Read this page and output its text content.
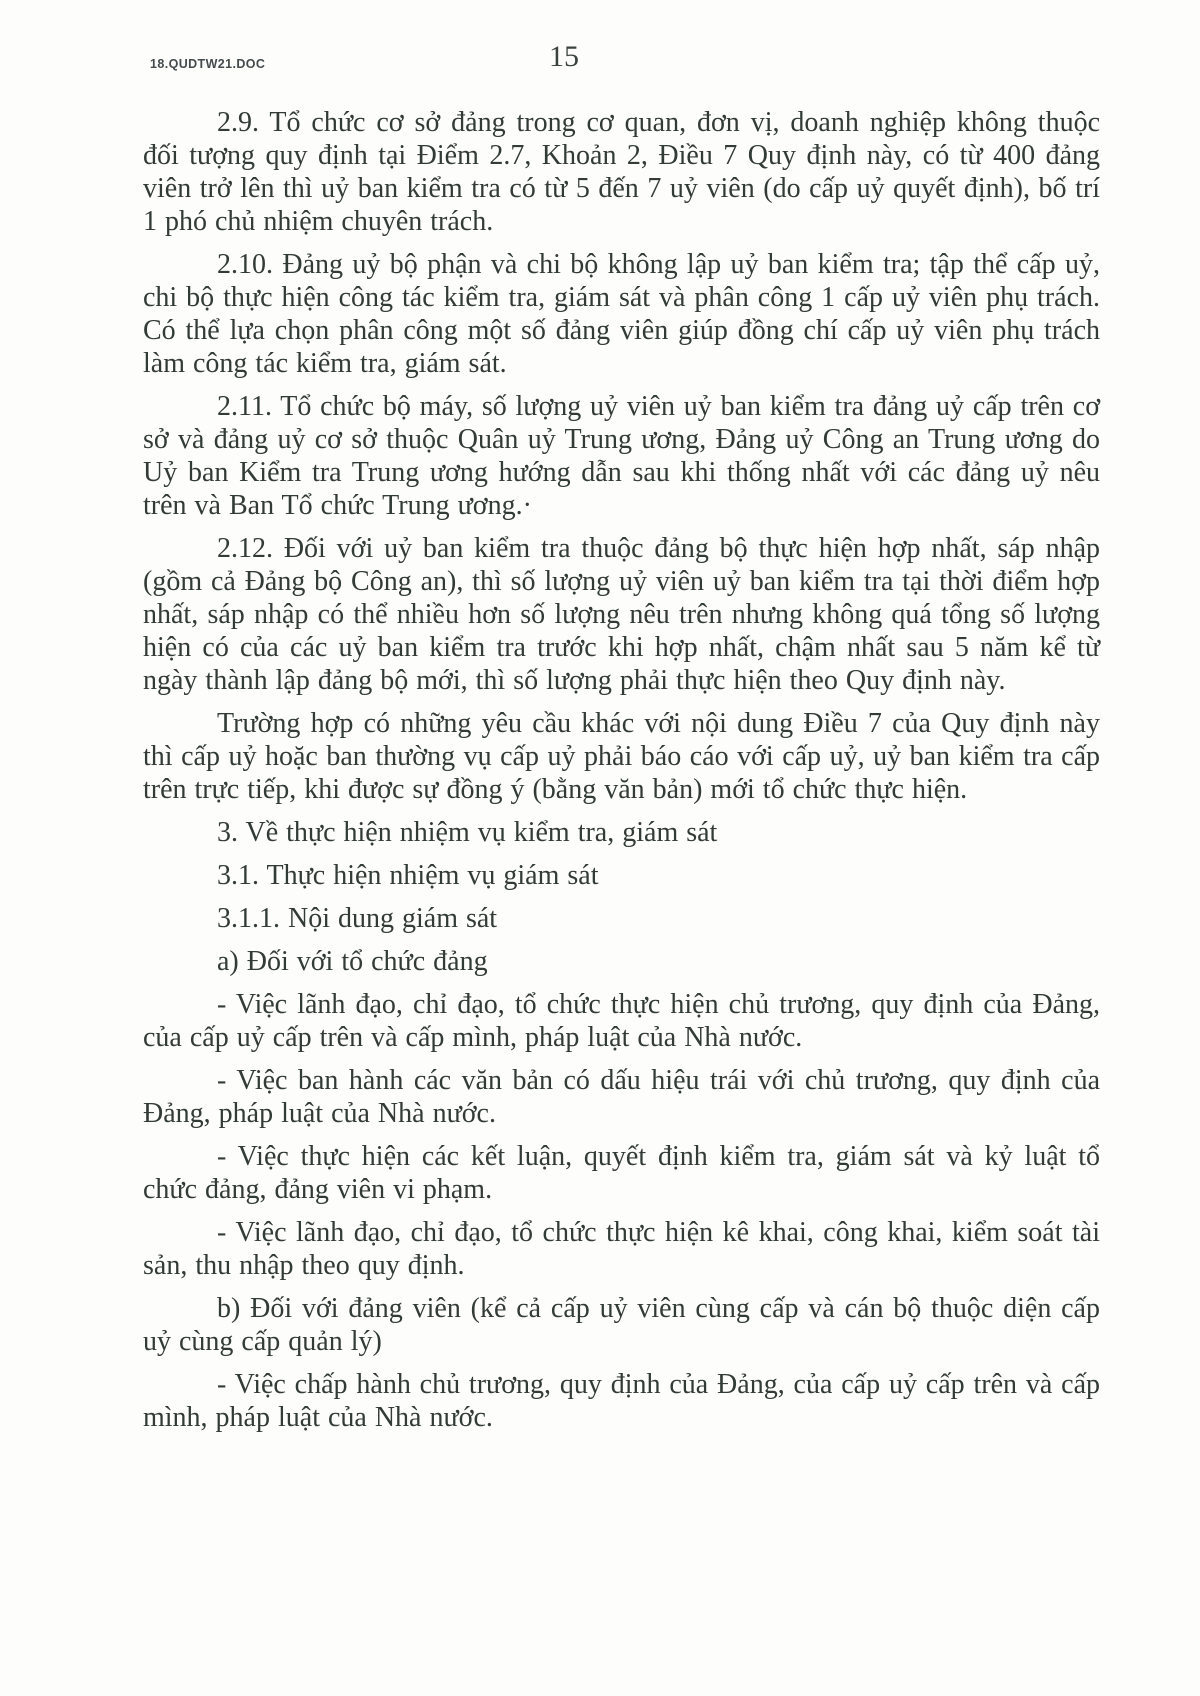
18.QUDTW21.DOC	15

2.9. Tổ chức cơ sở đảng trong cơ quan, đơn vị, doanh nghiệp không thuộc đối tượng quy định tại Điểm 2.7, Khoản 2, Điều 7 Quy định này, có từ 400 đảng viên trở lên thì uỷ ban kiểm tra có từ 5 đến 7 uỷ viên (do cấp uỷ quyết định), bố trí 1 phó chủ nhiệm chuyên trách.

2.10. Đảng uỷ bộ phận và chi bộ không lập uỷ ban kiểm tra; tập thể cấp uỷ, chi bộ thực hiện công tác kiểm tra, giám sát và phân công 1 cấp uỷ viên phụ trách. Có thể lựa chọn phân công một số đảng viên giúp đồng chí cấp uỷ viên phụ trách làm công tác kiểm tra, giám sát.

2.11. Tổ chức bộ máy, số lượng uỷ viên uỷ ban kiểm tra đảng uỷ cấp trên cơ sở và đảng uỷ cơ sở thuộc Quân uỷ Trung ương, Đảng uỷ Công an Trung ương do Uỷ ban Kiểm tra Trung ương hướng dẫn sau khi thống nhất với các đảng uỷ nêu trên và Ban Tổ chức Trung ương.·

2.12. Đối với uỷ ban kiểm tra thuộc đảng bộ thực hiện hợp nhất, sáp nhập (gồm cả Đảng bộ Công an), thì số lượng uỷ viên uỷ ban kiểm tra tại thời điểm hợp nhất, sáp nhập có thể nhiều hơn số lượng nêu trên nhưng không quá tổng số lượng hiện có của các uỷ ban kiểm tra trước khi hợp nhất, chậm nhất sau 5 năm kể từ ngày thành lập đảng bộ mới, thì số lượng phải thực hiện theo Quy định này.

Trường hợp có những yêu cầu khác với nội dung Điều 7 của Quy định này thì cấp uỷ hoặc ban thường vụ cấp uỷ phải báo cáo với cấp uỷ, uỷ ban kiểm tra cấp trên trực tiếp, khi được sự đồng ý (bằng văn bản) mới tổ chức thực hiện.

3. Về thực hiện nhiệm vụ kiểm tra, giám sát

3.1. Thực hiện nhiệm vụ giám sát

3.1.1. Nội dung giám sát

a) Đối với tổ chức đảng

- Việc lãnh đạo, chỉ đạo, tổ chức thực hiện chủ trương, quy định của Đảng, của cấp uỷ cấp trên và cấp mình, pháp luật của Nhà nước.

- Việc ban hành các văn bản có dấu hiệu trái với chủ trương, quy định của Đảng, pháp luật của Nhà nước.

- Việc thực hiện các kết luận, quyết định kiểm tra, giám sát và kỷ luật tổ chức đảng, đảng viên vi phạm.

- Việc lãnh đạo, chỉ đạo, tổ chức thực hiện kê khai, công khai, kiểm soát tài sản, thu nhập theo quy định.

b) Đối với đảng viên (kể cả cấp uỷ viên cùng cấp và cán bộ thuộc diện cấp uỷ cùng cấp quản lý)

- Việc chấp hành chủ trương, quy định của Đảng, của cấp uỷ cấp trên và cấp mình, pháp luật của Nhà nước.
